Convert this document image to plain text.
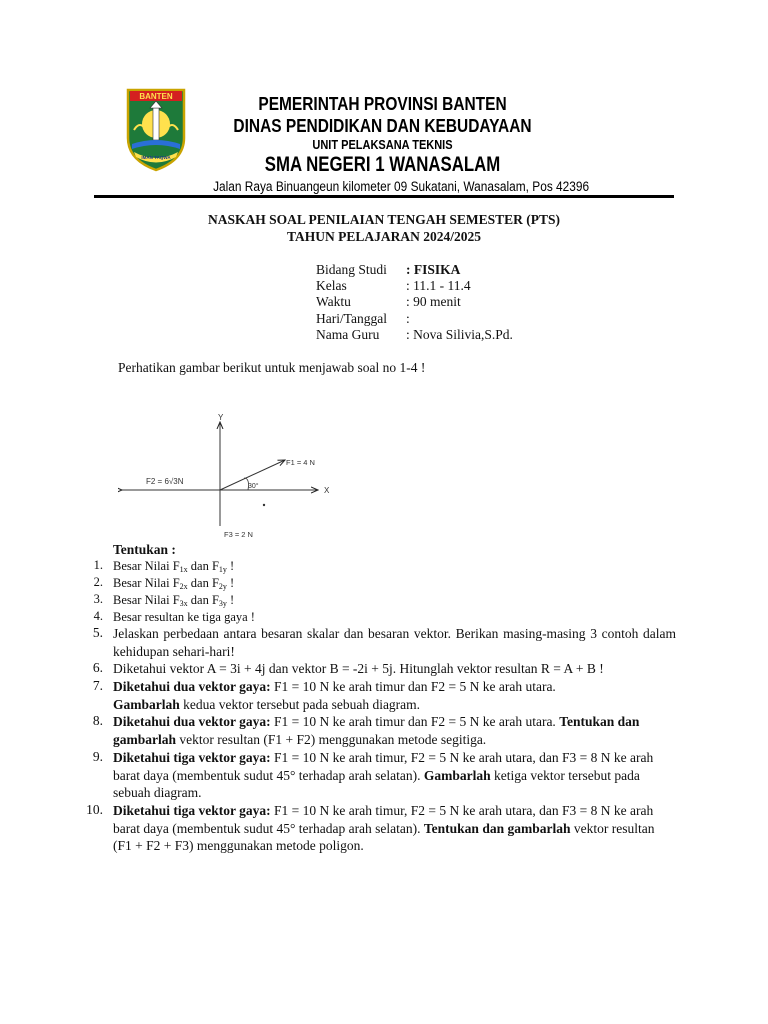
BANTEN
IMAN TAQWA
PEMERINTAH PROVINSI BANTEN
DINAS PENDIDIKAN DAN KEBUDAYAAN
UNIT PELAKSANA TEKNIS
SMA NEGERI 1 WANASALAM
Jalan Raya Binuangeun kilometer 09 Sukatani, Wanasalam, Pos 42396
NASKAH SOAL PENILAIAN TENGAH SEMESTER (PTS)
TAHUN PELAJARAN 2024/2025
Bidang Studi	: FISIKA
Kelas	: 11.1 - 11.4
Waktu	: 90 menit
Hari/Tanggal	:
Nama Guru	: Nova Silivia,S.Pd.
Perhatikan gambar berikut untuk menjawab soal no 1-4 !
Y
X
F1 = 4 N
F2 = 6√3N
F3 = 2 N
30°
Tentukan :
1. Besar Nilai $F_{1x}$ dan $F_{1y}$ !
2. Besar Nilai $F_{2x}$ dan $F_{2y}$ !
3. Besar Nilai $F_{3x}$ dan $F_{3y}$ !
4. Besar resultan ke tiga gaya !
5. Jelaskan perbedaan antara besaran skalar dan besaran vektor. Berikan masing-masing 3 contoh dalam kehidupan sehari-hari!
6. Diketahui vektor A = 3i + 4j dan vektor B = -2i + 5j. Hitunglah vektor resultan R = A + B !
7. Diketahui dua vektor gaya: F1 = 10 N ke arah timur dan F2 = 5 N ke arah utara.
Gambarlah kedua vektor tersebut pada sebuah diagram.
8. Diketahui dua vektor gaya: F1 = 10 N ke arah timur dan F2 = 5 N ke arah utara. Tentukan dan gambarlah vektor resultan (F1 + F2) menggunakan metode segitiga.
9. Diketahui tiga vektor gaya: F1 = 10 N ke arah timur, F2 = 5 N ke arah utara, dan F3 = 8 N ke arah barat daya (membentuk sudut 45° terhadap arah selatan). Gambarlah ketiga vektor tersebut pada sebuah diagram.
10. Diketahui tiga vektor gaya: F1 = 10 N ke arah timur, F2 = 5 N ke arah utara, dan F3 = 8 N ke arah barat daya (membentuk sudut 45° terhadap arah selatan). Tentukan dan gambarlah vektor resultan (F1 + F2 + F3) menggunakan metode poligon.
